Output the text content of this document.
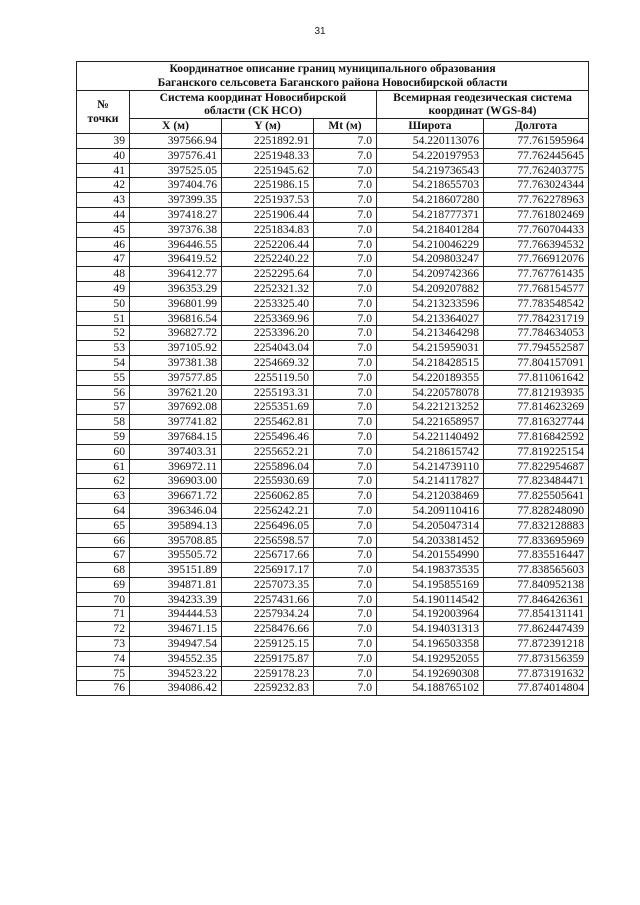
31
Координатное описание границ муниципального образования
Баганского сельсовета Баганского района Новосибирской области					

№
точки

Система координат Новосибирской
области (СК НСО)

Всемирная геодезическая система
координат (WGS-84)

	X (м)	Y (м)	Mt (м)	Широта	Долгота
39	397566.94	2251892.91	7.0	54.220113076	77.761595964
40	397576.41	2251948.33	7.0	54.220197953	77.762445645
41	397525.05	2251945.62	7.0	54.219736543	77.762403775
42	397404.76	2251986.15	7.0	54.218655703	77.763024344
43	397399.35	2251937.53	7.0	54.218607280	77.762278963
44	397418.27	2251906.44	7.0	54.218777371	77.761802469
45	397376.38	2251834.83	7.0	54.218401284	77.760704433
46	396446.55	2252206.44	7.0	54.210046229	77.766394532
47	396419.52	2252240.22	7.0	54.209803247	77.766912076
48	396412.77	2252295.64	7.0	54.209742366	77.767761435
49	396353.29	2252321.32	7.0	54.209207882	77.768154577
50	396801.99	2253325.40	7.0	54.213233596	77.783548542
51	396816.54	2253369.96	7.0	54.213364027	77.784231719
52	396827.72	2253396.20	7.0	54.213464298	77.784634053
53	397105.92	2254043.04	7.0	54.215959031	77.794552587
54	397381.38	2254669.32	7.0	54.218428515	77.804157091
55	397577.85	2255119.50	7.0	54.220189355	77.811061642
56	397621.20	2255193.31	7.0	54.220578078	77.812193935
57	397692.08	2255351.69	7.0	54.221213252	77.814623269
58	397741.82	2255462.81	7.0	54.221658957	77.816327744
59	397684.15	2255496.46	7.0	54.221140492	77.816842592
60	397403.31	2255652.21	7.0	54.218615742	77.819225154
61	396972.11	2255896.04	7.0	54.214739110	77.822954687
62	396903.00	2255930.69	7.0	54.214117827	77.823484471
63	396671.72	2256062.85	7.0	54.212038469	77.825505641
64	396346.04	2256242.21	7.0	54.209110416	77.828248090
65	395894.13	2256496.05	7.0	54.205047314	77.832128883
66	395708.85	2256598.57	7.0	54.203381452	77.833695969
67	395505.72	2256717.66	7.0	54.201554990	77.835516447
68	395151.89	2256917.17	7.0	54.198373535	77.838565603
69	394871.81	2257073.35	7.0	54.195855169	77.840952138
70	394233.39	2257431.66	7.0	54.190114542	77.846426361
71	394444.53	2257934.24	7.0	54.192003964	77.854131141
72	394671.15	2258476.66	7.0	54.194031313	77.862447439
73	394947.54	2259125.15	7.0	54.196503358	77.872391218
74	394552.35	2259175.87	7.0	54.192952055	77.873156359
75	394523.22	2259178.23	7.0	54.192690308	77.873191632
76	394086.42	2259232.83	7.0	54.188765102	77.874014804
